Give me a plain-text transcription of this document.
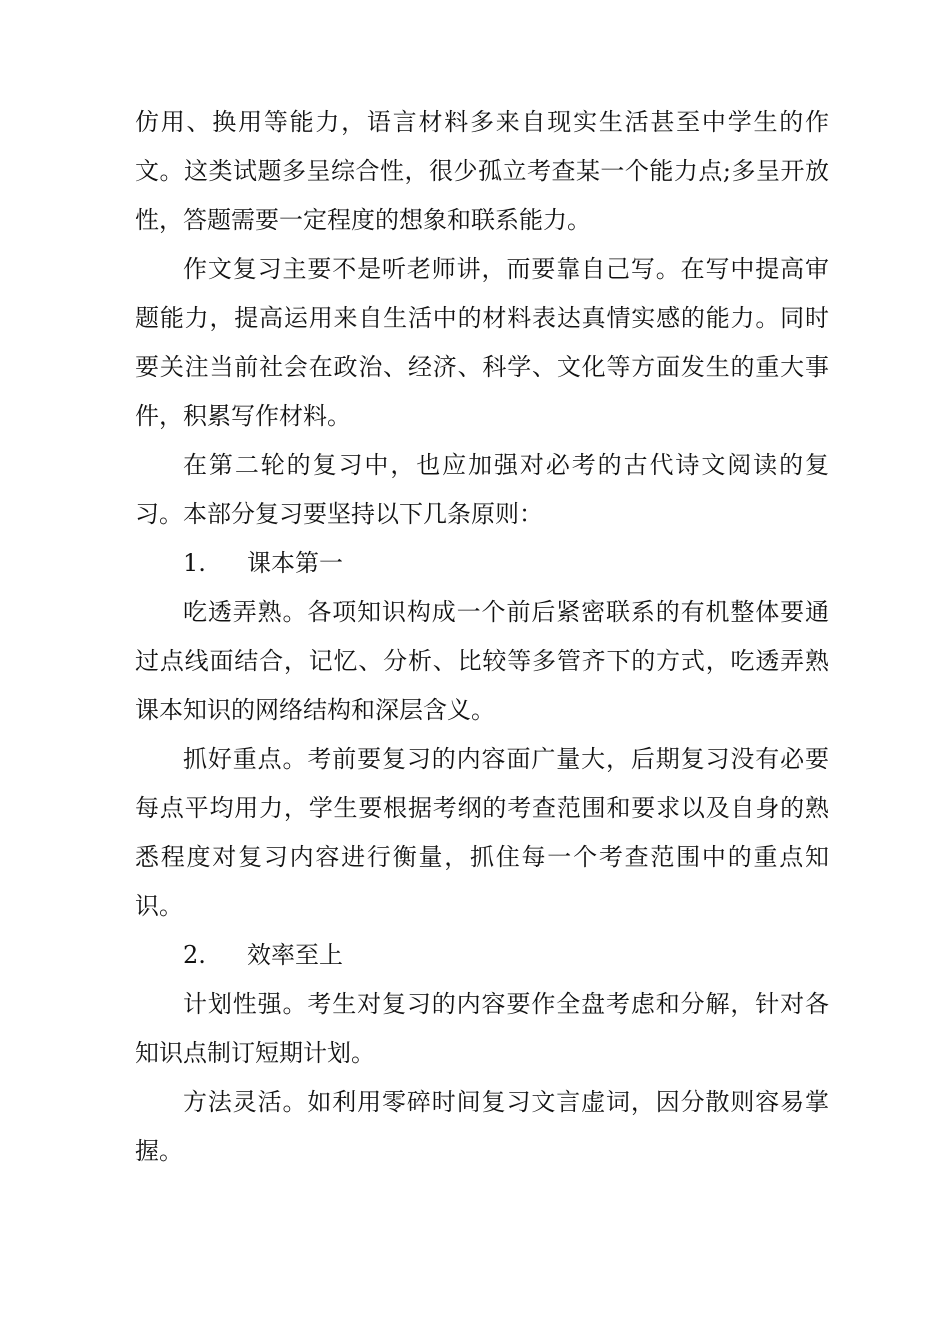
仿用、换用等能力，语言材料多来自现实生活甚至中学生的作文。这类试题多呈综合性，很少孤立考查某一个能力点;多呈开放性，答题需要一定程度的想象和联系能力。

作文复习主要不是听老师讲，而要靠自己写。在写中提高审题能力，提高运用来自生活中的材料表达真情实感的能力。同时要关注当前社会在政治、经济、科学、文化等方面发生的重大事件，积累写作材料。

在第二轮的复习中，也应加强对必考的古代诗文阅读的复习。本部分复习要坚持以下几条原则：

1. 课本第一

吃透弄熟。各项知识构成一个前后紧密联系的有机整体要通过点线面结合，记忆、分析、比较等多管齐下的方式，吃透弄熟课本知识的网络结构和深层含义。

抓好重点。考前要复习的内容面广量大，后期复习没有必要每点平均用力，学生要根据考纲的考查范围和要求以及自身的熟悉程度对复习内容进行衡量，抓住每一个考查范围中的重点知识。

2. 效率至上

计划性强。考生对复习的内容要作全盘考虑和分解，针对各知识点制订短期计划。

方法灵活。如利用零碎时间复习文言虚词，因分散则容易掌握。
